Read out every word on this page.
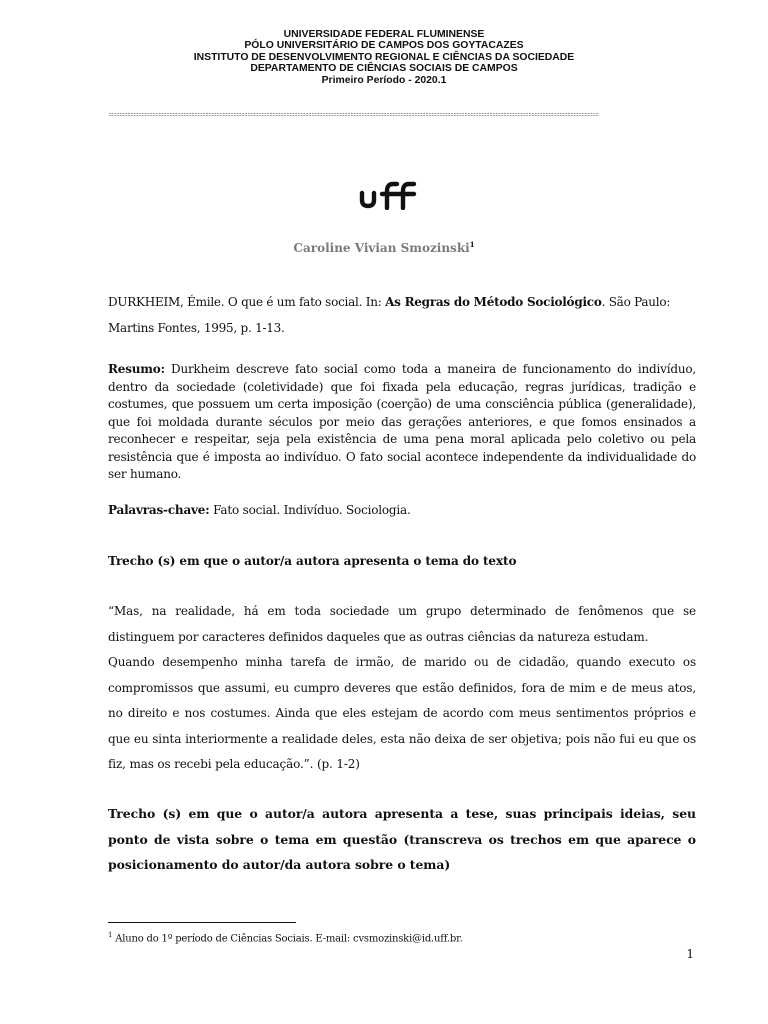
UNIVERSIDADE FEDERAL FLUMINENSE
PÓLO UNIVERSITÁRIO DE CAMPOS DOS GOYTACAZES
INSTITUTO DE DESENVOLVIMENTO REGIONAL E CIÊNCIAS DA SOCIEDADE
DEPARTAMENTO DE CIÊNCIAS SOCIAIS DE CAMPOS
Primeiro Período - 2020.1
::::::::::::::::::::::::::::::::::::::::::::::::::::::::::::::::::::::::::::::::::::::::::::::::::::::::::::::::::::::::::::::::::::::::::::::::::::::::::::::::::::::::::::::::::::::::::::::::::::::::::::::::::::::::::::::::::::::::::::::::::::::::::::::::::::::::::::::::::::::::::::::::::::::::::::::::::::::::::
Caroline Vivian Smozinski$^1$
DURKHEIM, Émile. O que é um fato social. In: As Regras do Método Sociológico. São Paulo: Martins Fontes, 1995, p. 1-13.
Resumo: Durkheim descreve fato social como toda a maneira de funcionamento do indivíduo, dentro da sociedade (coletividade) que foi fixada pela educação, regras jurídicas, tradição e costumes, que possuem um certa imposição (coerção) de uma consciência pública (generalidade), que foi moldada durante séculos por meio das gerações anteriores, e que fomos ensinados a reconhecer e respeitar, seja pela existência de uma pena moral aplicada pelo coletivo ou pela resistência que é imposta ao indivíduo. O fato social acontece independente da individualidade do ser humano.
Palavras-chave: Fato social. Indivíduo. Sociologia.
Trecho (s) em que o autor/a autora apresenta o tema do texto
“Mas, na realidade, há em toda sociedade um grupo determinado de fenômenos que se distinguem por caracteres definidos daqueles que as outras ciências da natureza estudam.
Quando desempenho minha tarefa de irmão, de marido ou de cidadão, quando executo os compromissos que assumi, eu cumpro deveres que estão definidos, fora de mim e de meus atos, no direito e nos costumes. Ainda que eles estejam de acordo com meus sentimentos próprios e que eu sinta interiormente a realidade deles, esta não deixa de ser objetiva; pois não fui eu que os fiz, mas os recebi pela educação.”. (p. 1-2)
Trecho (s) em que o autor/a autora apresenta a tese, suas principais ideias, seu ponto de vista sobre o tema em questão (transcreva os trechos em que aparece o posicionamento do autor/da autora sobre o tema)
$^1$ Aluno do 1º período de Ciências Sociais. E-mail: cvsmozinski@id.uff.br.
1
